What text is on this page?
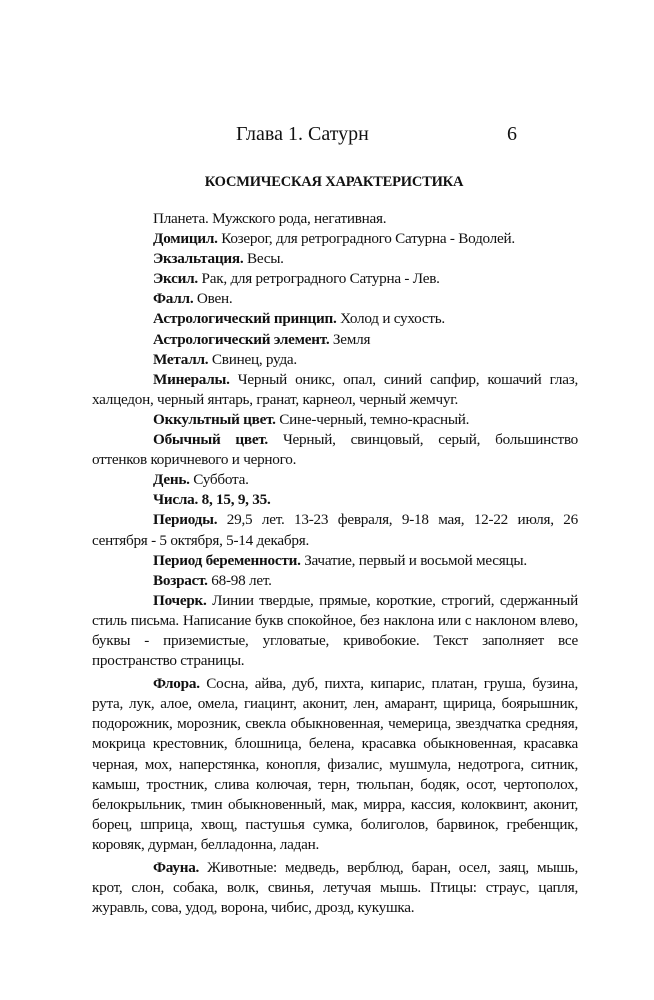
Глава 1. Сатурн	6
КОСМИЧЕСКАЯ ХАРАКТЕРИСТИКА

Планета. Мужского рода, негативная.

Домицил. Козерог, для ретроградного Сатурна - Водолей.

Экзальтация. Весы.

Эксил. Рак, для ретроградного Сатурна - Лев.

Фалл. Овен.

Астрологический принцип. Холод и сухость.

Астрологический элемент. Земля

Металл. Свинец, руда.

Минералы. Черный оникс, опал, синий сапфир, кошачий глаз, халцедон, черный янтарь, гранат, карнеол, черный жемчуг.

Оккультный цвет. Сине-черный, темно-красный.

Обычный цвет. Черный, свинцовый, серый, большинство оттенков коричневого и черного.

День. Суббота.

Числа. 8, 15, 9, 35.

Периоды. 29,5 лет. 13-23 февраля, 9-18 мая, 12-22 июля, 26 сентября - 5 октября, 5-14 декабря.

Период беременности. Зачатие, первый и восьмой месяцы.

Возраст. 68-98 лет.

Почерк. Линии твердые, прямые, короткие, строгий, сдержанный стиль письма. Написание букв спокойное, без наклона или с наклоном влево, буквы - приземистые, угловатые, кривобокие. Текст заполняет все пространство страницы.

Флора. Сосна, айва, дуб, пихта, кипарис, платан, груша, бузина, рута, лук, алое, омела, гиацинт, аконит, лен, амарант, щирица, боярышник, подорожник, морозник, свекла обыкновенная, чемерица, звездчатка средняя, мокрица крестовник, блошница, белена, красавка обыкновенная, красавка черная, мох, наперстянка, конопля, физалис, мушмула, недотрога, ситник, камыш, тростник, слива колючая, терн, тюльпан, бодяк, осот, чертополох, белокрыльник, тмин обыкновенный, мак, мирра, кассия, колоквинт, аконит, борец, шприца, хвощ, пастушья сумка, болиголов, барвинок, гребенщик, коровяк, дурман, белладонна, ладан.

Фауна. Животные: медведь, верблюд, баран, осел, заяц, мышь, крот, слон, собака, волк, свинья, летучая мышь. Птицы: страус, цапля, журавль, сова, удод, ворона, чибис, дрозд, кукушка.
